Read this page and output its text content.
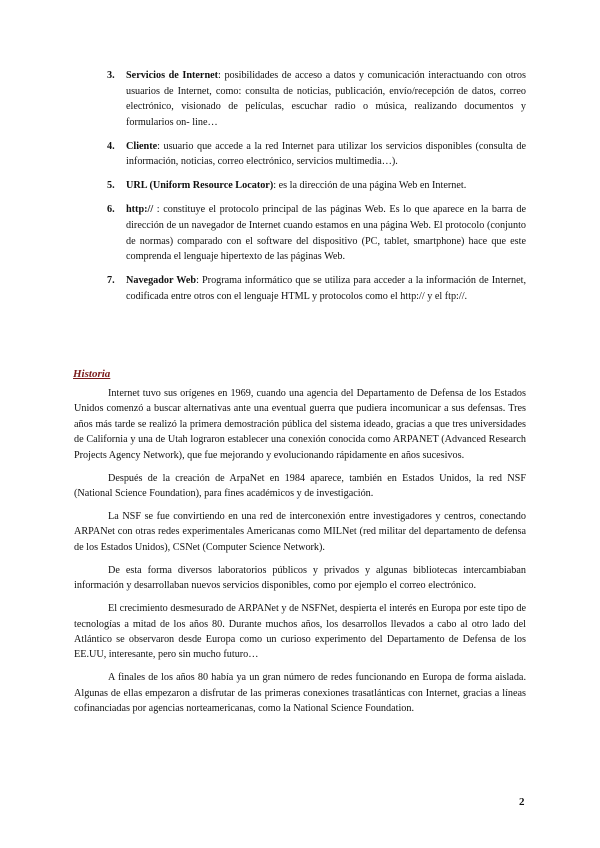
3. Servicios de Internet: posibilidades de acceso a datos y comunicación interactuando con otros usuarios de Internet, como: consulta de noticias, publicación, envío/recepción de datos, correo electrónico, visionado de películas, escuchar radio o música, realizando documentos y formularios on- line…
4. Cliente: usuario que accede a la red Internet para utilizar los servicios disponibles (consulta de información, noticias, correo electrónico, servicios multimedia…).
5. URL (Uniform Resource Locator): es la dirección de una página Web en Internet.
6. http:// : constituye el protocolo principal de las páginas Web. Es lo que aparece en la barra de dirección de un navegador de Internet cuando estamos en una página Web. El protocolo (conjunto de normas) comparado con el software del dispositivo (PC, tablet, smartphone) hace que este comprenda el lenguaje hipertexto de las páginas Web.
7. Navegador Web: Programa informático que se utiliza para acceder a la información de Internet, codificada entre otros con el lenguaje HTML y protocolos como el http:// y el ftp://.
Historia

Internet tuvo sus orígenes en 1969, cuando una agencia del Departamento de Defensa de los Estados Unidos comenzó a buscar alternativas ante una eventual guerra que pudiera incomunicar a sus defensas. Tres años más tarde se realizó la primera demostración pública del sistema ideado, gracias a que tres universidades de California y una de Utah lograron establecer una conexión conocida como ARPANET (Advanced Research Projects Agency Network), que fue mejorando y evolucionando rápidamente en años sucesivos.

Después de la creación de ArpaNet en 1984 aparece, también en Estados Unidos, la red NSF (National Science Foundation), para fines académicos y de investigación.

La NSF se fue convirtiendo en una red de interconexión entre investigadores y centros, conectando ARPANet con otras redes experimentales Americanas como MILNet (red militar del departamento de defensa de los Estados Unidos), CSNet (Computer Science Network).

De esta forma diversos laboratorios públicos y privados y algunas bibliotecas intercambiaban información y desarrollaban nuevos servicios disponibles, como por ejemplo el correo electrónico.

El crecimiento desmesurado de ARPANet y de NSFNet, despierta el interés en Europa por este tipo de tecnologías a mitad de los años 80. Durante muchos años, los desarrollos llevados a cabo al otro lado del Atlántico se observaron desde Europa como un curioso experimento del Departamento de Defensa de los EE.UU, interesante, pero sin mucho futuro…

A finales de los años 80 había ya un gran número de redes funcionando en Europa de forma aislada. Algunas de ellas empezaron a disfrutar de las primeras conexiones trasatlánticas con Internet, gracias a líneas cofinanciadas por agencias norteamericanas, como la National Science Foundation.

2
